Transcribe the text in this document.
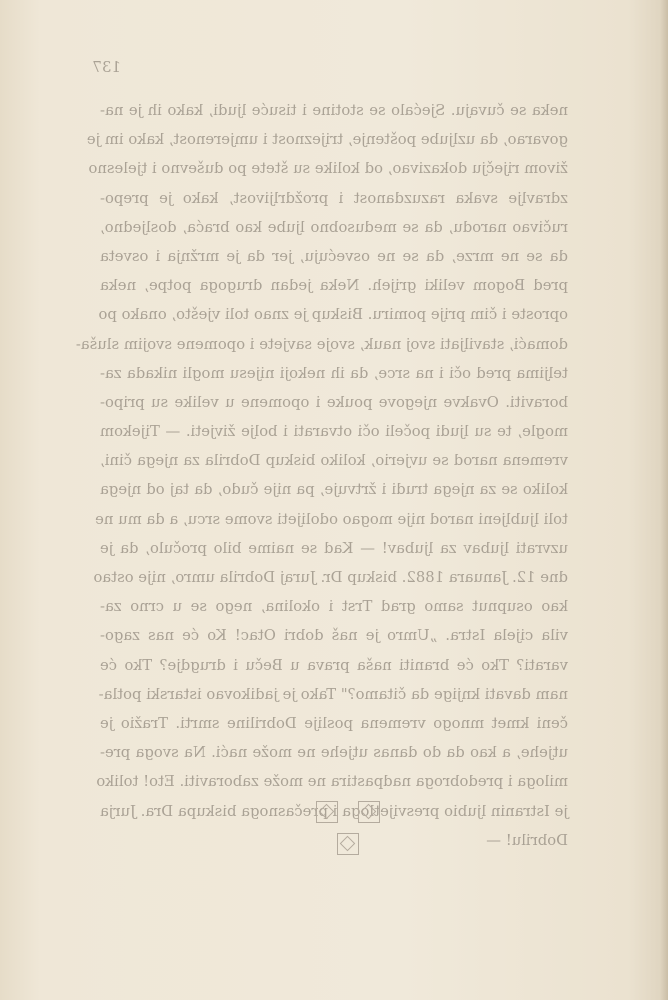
137
neka se čuvaju. Sjećalo se stotine i tisuće ljudi, kako ih je na-
govarao, da uzljube poštenje, trijeznost i umjerenost, kako im je
živom riječju dokazivao, od kolike su štete po duševno i tjelesno
zdravlje svaka razuzdanost i proždrljivost, kako je prepo-
ručivao narodu, da se medusobno ljube kao braća, dosljedno,
da se ne mrze, da se ne osvećuju, jer da je mržnja i osveta
pred Bogom veliki grijeh. Neka jedan drugoga potpe, neka
oproste i čim prije pomiru. Biskup je znao toli vješto, onako po
domaći, staviljati svoj nauk, svoje savjete i opomene svojim sluša-
teljima pred oči i na srce, da ih nekoji nijesu mogli nikada za-
boraviti. Ovakve njegove pouke i opomene u velike su pripo-
mogle, te su ljudi počeli oči otvarati i bolje živjeti. — Tijekom
vremena narod se uvjerio, koliko biskup Dobrila za njega čini,
koliko se za njega trudi i žrtvuje, pa nije čudo, da taj od njega
toli ljubljeni narod nije mogao odolijeti svome srcu, a da mu ne
uzvrati ljubav za ljubav! — Kad se naime bilo pročulo, da je
dne 12. Januara 1882. biskup Dr. Juraj Dobrila umro, nije ostao
kao osupnut samo grad Trst i okolina, nego se u crno za-
vila cijela Istra. „Umro je naš dobri Otac! Ko će nas zago-
varati? Tko će braniti naša prava u Beču i drugdje? Tko će
nam davati knjige da čitamo?" Tako je jadikovao istarski potla-
čeni kmet mnogo vremena poslije Dobriline smrti. Tražio je
utjehe, a kao da do danas utjehe ne može naći. Na svoga pre-
miloga i predobroga nadpastira ne može zaboraviti. Eto! toliko
je Istranin ljubio presvijetloga i prečasnoga biskupa Dra. Jurja
Dobrilu! —
